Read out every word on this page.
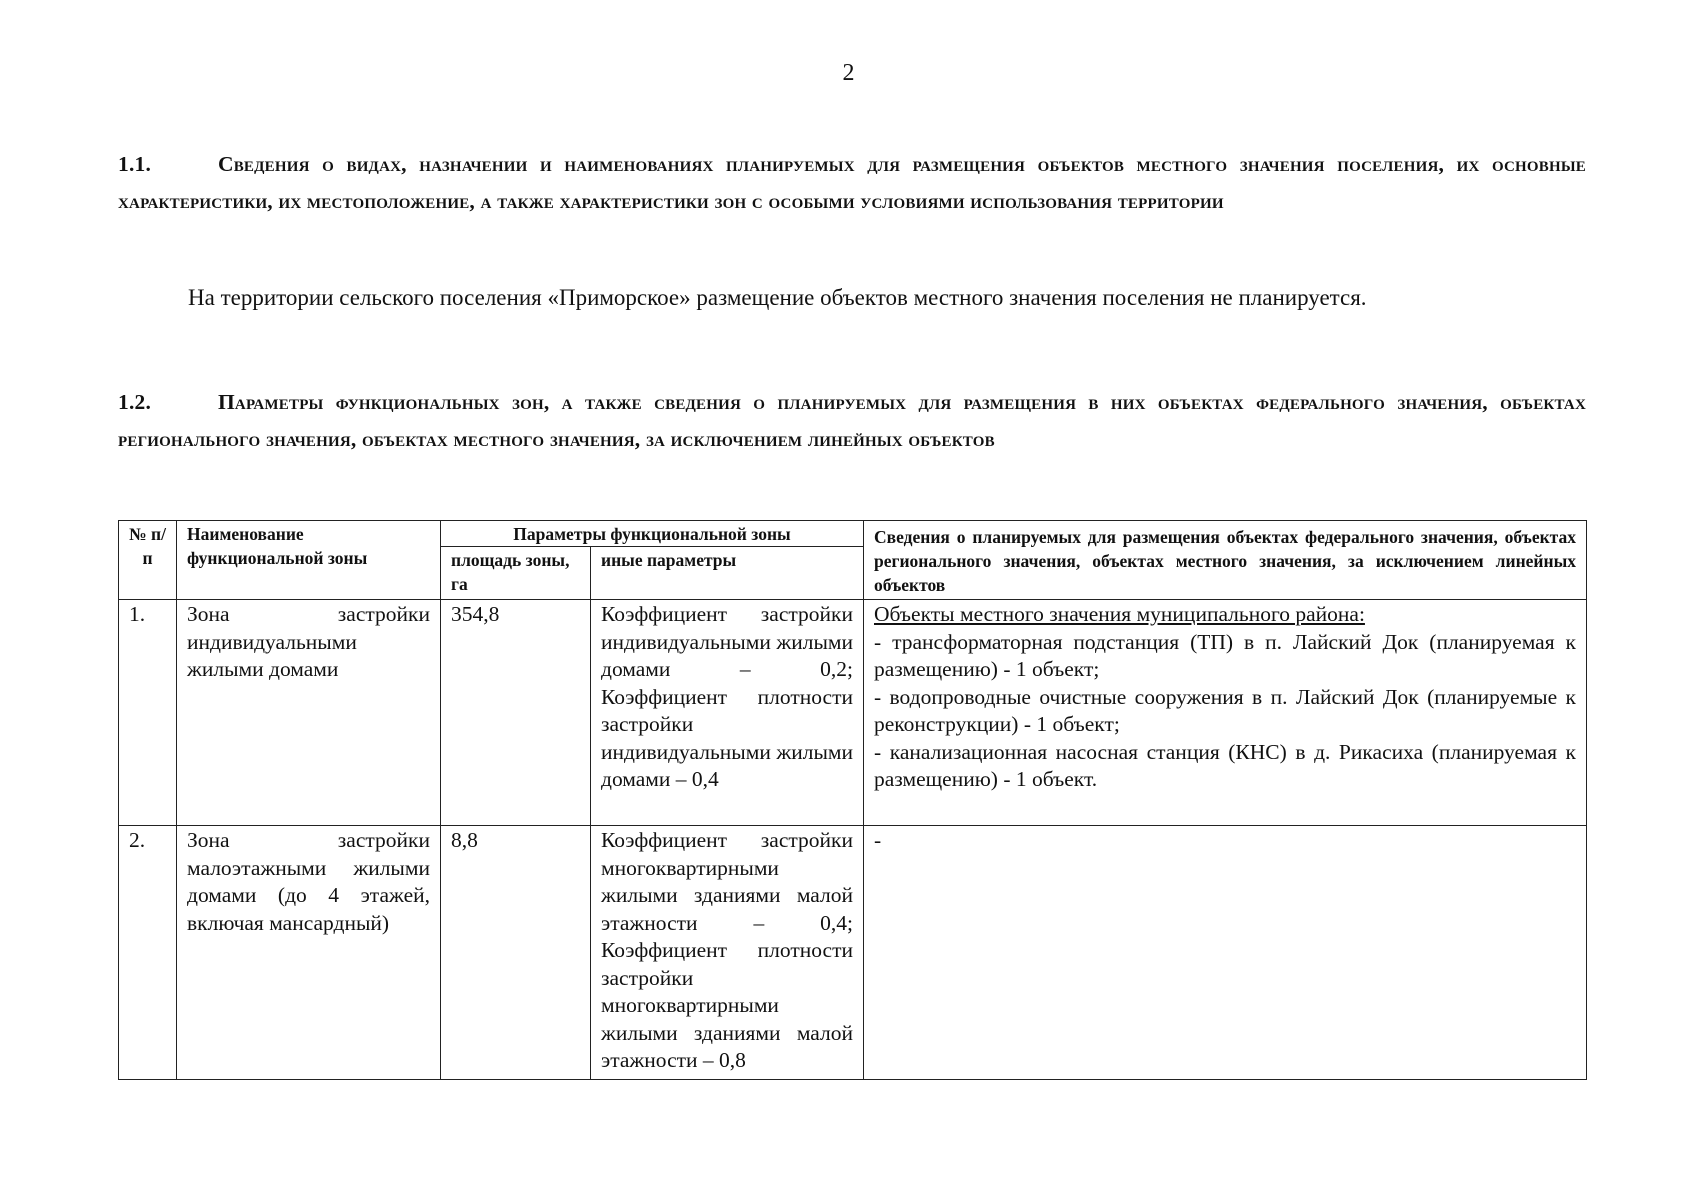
2
1.1.	Сведения о видах, назначении и наименованиях планируемых для размещения объектов местного значения поселения, их основные характеристики, их местоположение, а также характеристики зон с особыми условиями использования территории
На территории сельского поселения «Приморское» размещение объектов местного значения поселения не планируется.
1.2.	Параметры функциональных зон, а также сведения о планируемых для размещения в них объектах федерального значения, объектах регионального значения, объектах местного значения, за исключением линейных объектов
№ п/п	Наименование функциональной зоны	Параметры функциональной зоны		Сведения о планируемых для размещения объектах федерального значения, объектах регионального значения, объектах местного значения, за исключением линейных объектов
		площадь зоны, га	иные параметры	
1.	Зона застройки индивидуальными жилыми домами	354,8	Коэффициент застройки индивидуальными жилыми домами – 0,2; Коэффициент плотности застройки индивидуальными жилыми домами – 0,4	Объекты местного значения муниципального района:
- трансформаторная подстанция (ТП) в п. Лайский Док (планируемая к размещению) - 1 объект;
- водопроводные очистные сооружения в п. Лайский Док (планируемые к реконструкции) - 1 объект;
- канализационная насосная станция (КНС) в д. Рикасиха (планируемая к размещению) - 1 объект.

2.	Зона застройки малоэтажными жилыми домами (до 4 этажей, включая мансардный)	8,8	Коэффициент застройки многоквартирными жилыми зданиями малой этажности – 0,4; Коэффициент плотности застройки многоквартирными жилыми зданиями малой этажности – 0,8	-
